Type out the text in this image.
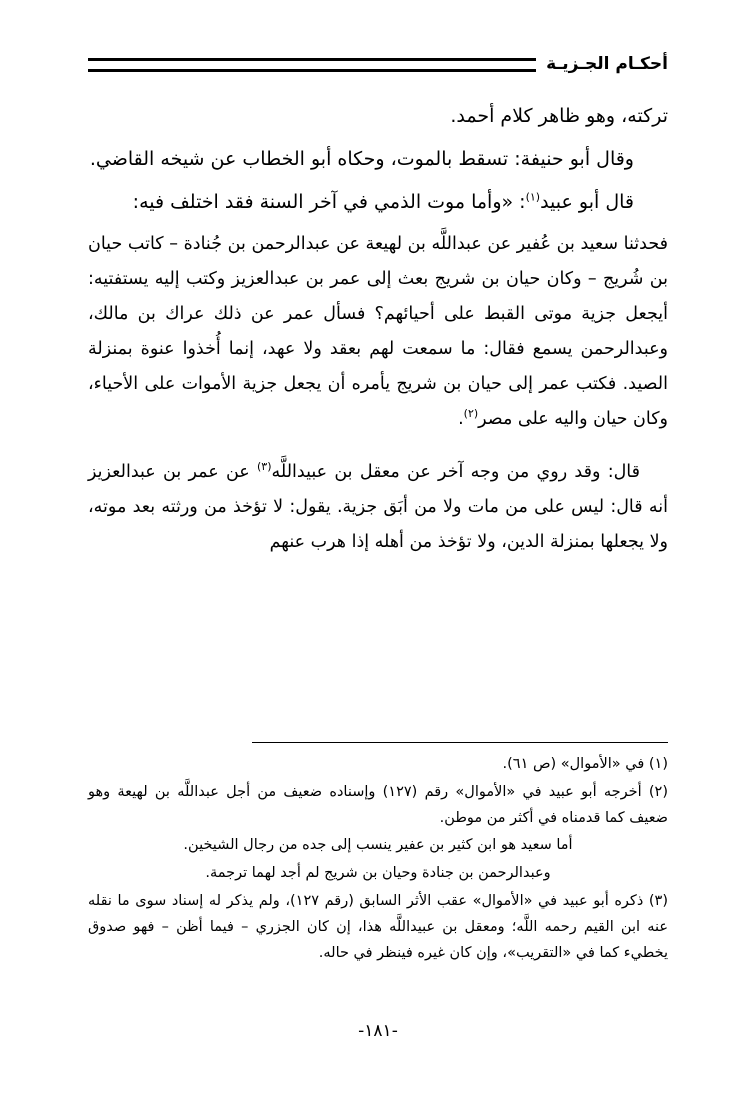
أحكـام الجـزيـة

تركته، وهو ظاهر كلام أحمد.

وقال أبو حنيفة: تسقط بالموت، وحكاه أبو الخطاب عن شيخه القاضي.

قال أبو عبيد$^{(١)}$: «وأما موت الذمي في آخر السنة فقد اختلف فيه:

فحدثنا سعيد بن عُفير عن عبداللَّه بن لهيعة عن عبدالرحمن بن جُنادة – كاتب حيان بن شُريج – وكان حيان بن شريج بعث إلى عمر بن عبدالعزيز وكتب إليه يستفتيه: أيجعل جزية موتى القبط على أحيائهم؟ فسأل عمر عن ذلك عراك بن مالك، وعبدالرحمن يسمع فقال: ما سمعت لهم بعقد ولا عهد، إنما أُخذوا عنوة بمنزلة الصيد. فكتب عمر إلى حيان بن شريج يأمره أن يجعل جزية الأموات على الأحياء، وكان حيان واليه على مصر$^{(٢)}$.

قال: وقد روي من وجه آخر عن معقل بن عبيداللَّه$^{(٣)}$ عن عمر بن عبدالعزيز أنه قال: ليس على من مات ولا من أبَق جزية. يقول: لا تؤخذ من ورثته بعد موته، ولا يجعلها بمنزلة الدين، ولا تؤخذ من أهله إذا هرب عنهم

(١) في «الأموال» (ص ٦١).

(٢) أخرجه أبو عبيد في «الأموال» رقم (١٢٧) وإسناده ضعيف من أجل عبداللَّه بن لهيعة وهو ضعيف كما قدمناه في أكثر من موطن.

أما سعيد هو ابن كثير بن عفير ينسب إلى جده من رجال الشيخين.

وعبدالرحمن بن جنادة وحيان بن شريج لم أجد لهما ترجمة.

(٣) ذكره أبو عبيد في «الأموال» عقب الأثر السابق (رقم ١٢٧)، ولم يذكر له إسناد سوى ما نقله عنه ابن القيم رحمه اللَّه؛ ومعقل بن عبيداللَّه هذا، إن كان الجزري – فيما أظن – فهو صدوق يخطيء كما في «التقريب»، وإن كان غيره فينظر في حاله.

-١٨١-
